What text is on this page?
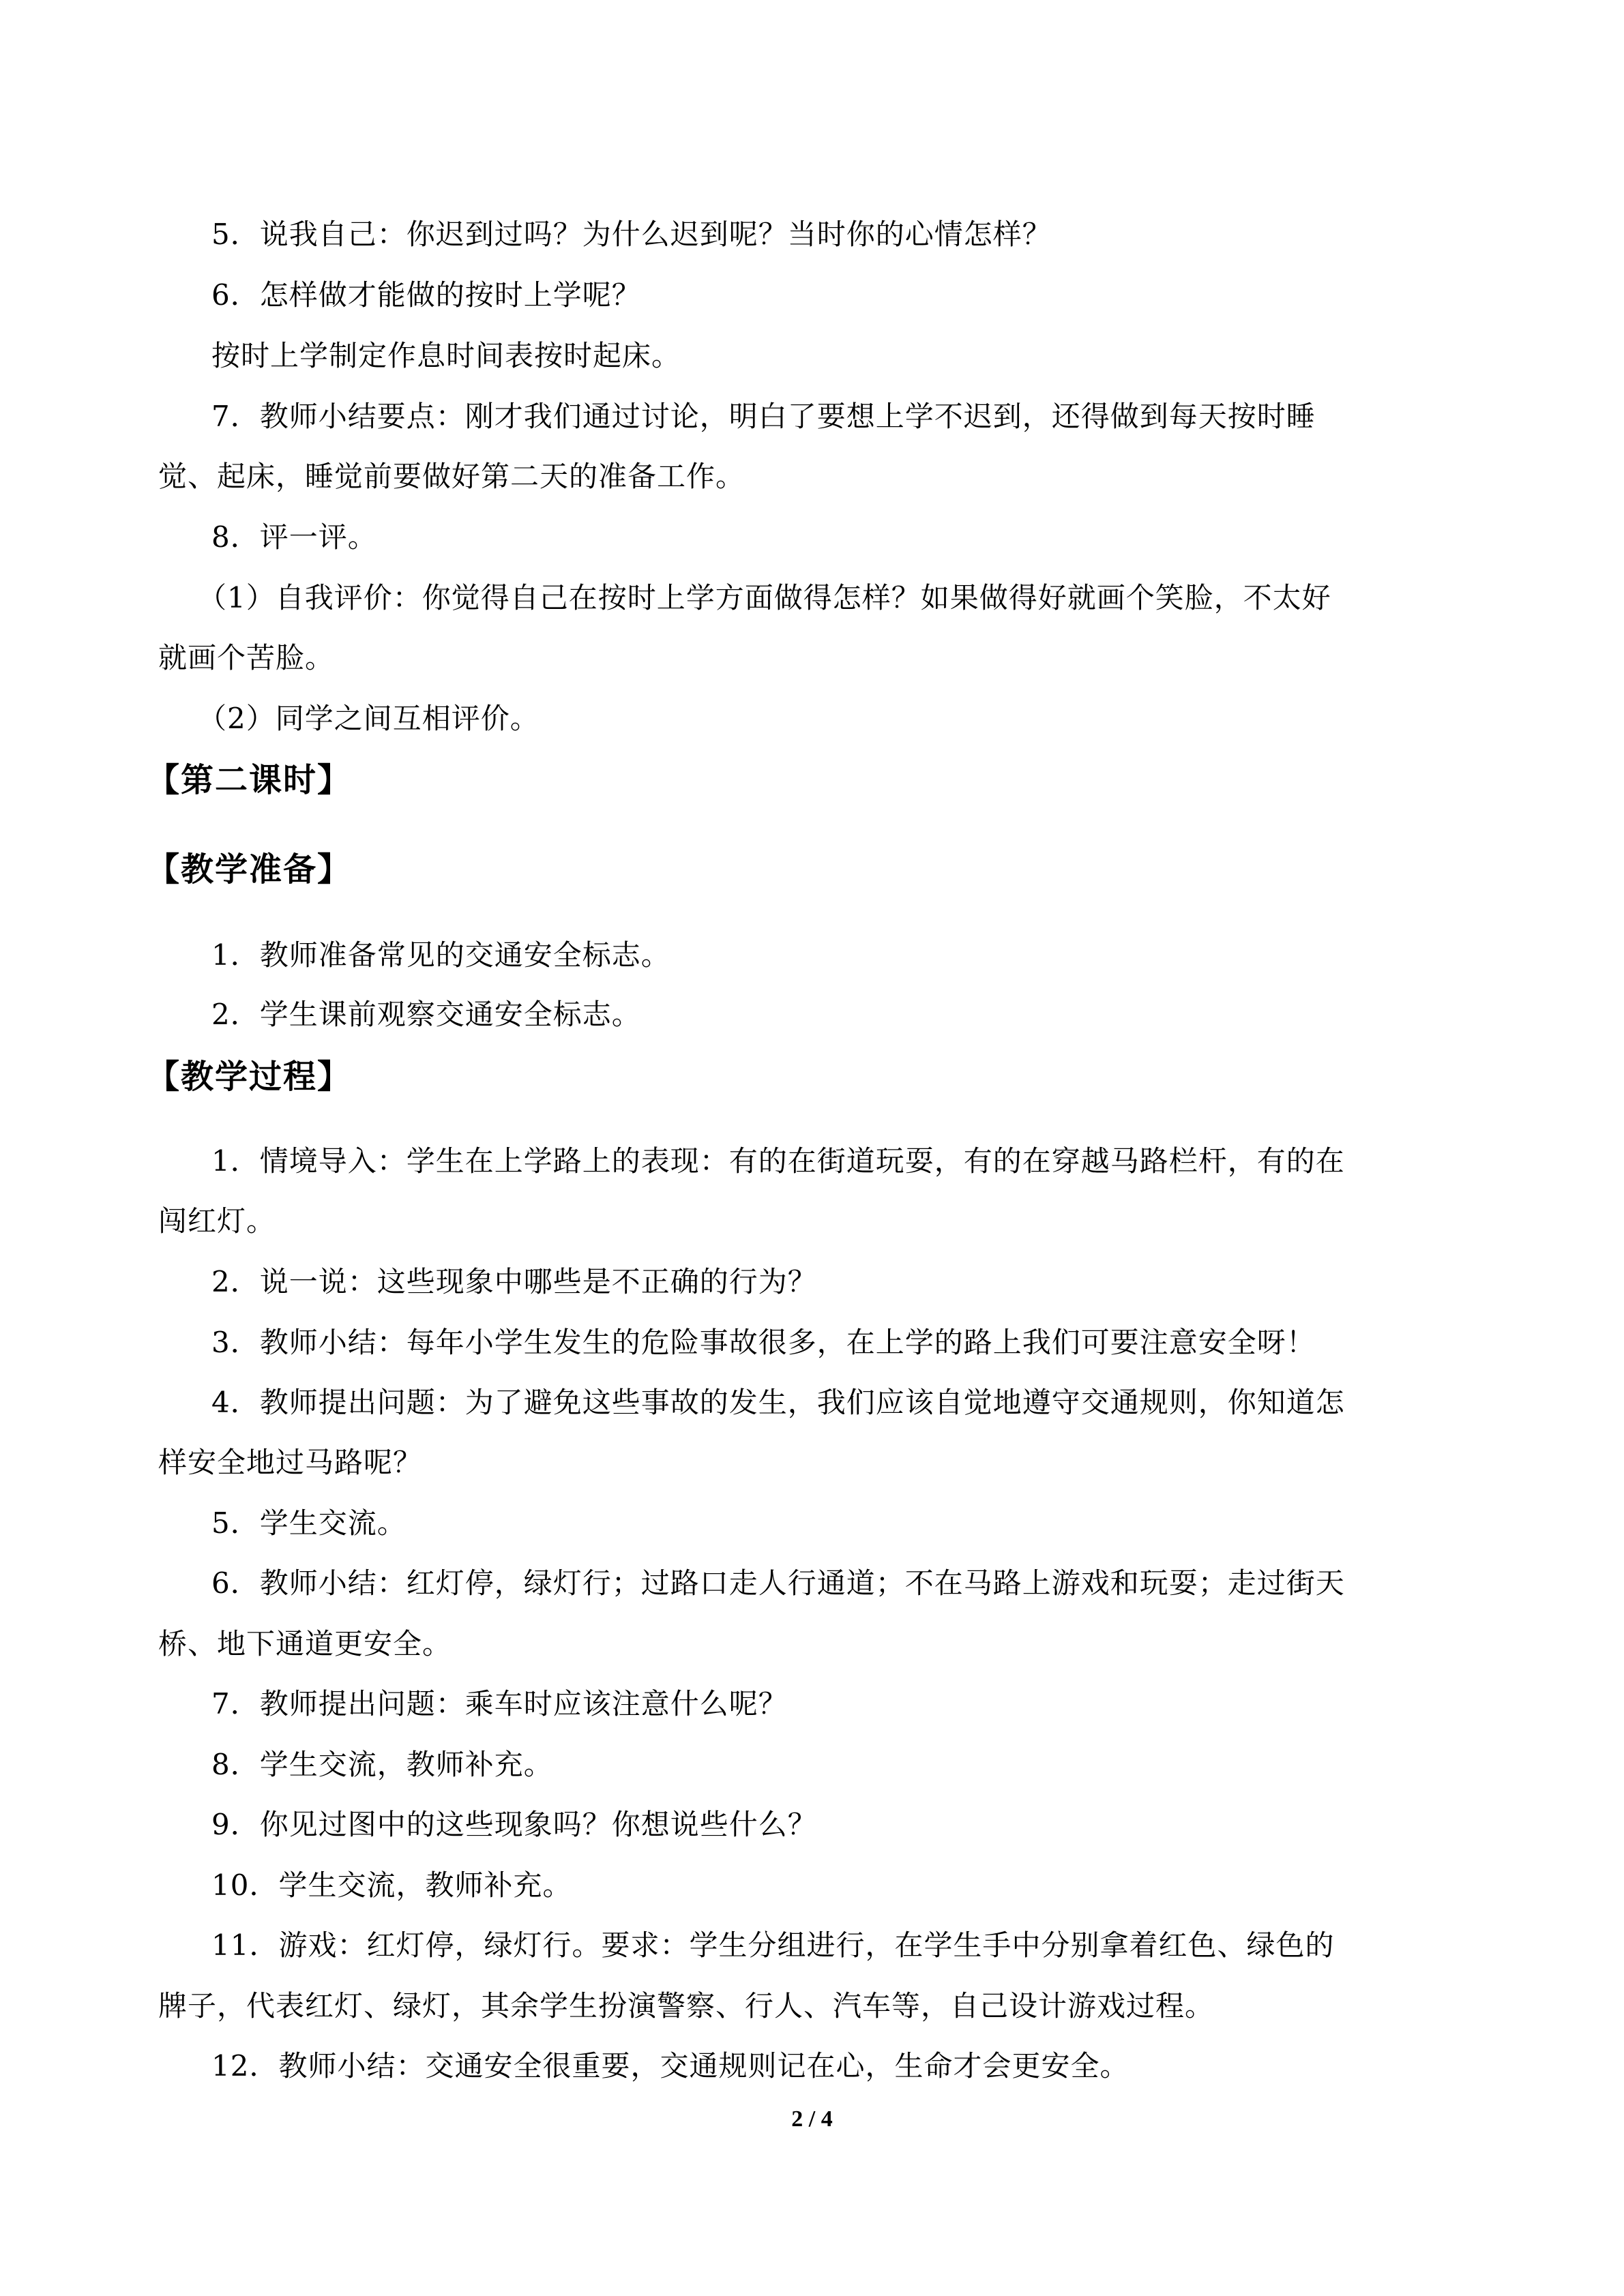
5．说我自己：你迟到过吗？为什么迟到呢？当时你的心情怎样？
6．怎样做才能做的按时上学呢？
按时上学制定作息时间表按时起床。
7．教师小结要点：刚才我们通过讨论，明白了要想上学不迟到，还得做到每天按时睡
觉、起床，睡觉前要做好第二天的准备工作。
8．评一评。
（1）自我评价：你觉得自己在按时上学方面做得怎样？如果做得好就画个笑脸，不太好
就画个苦脸。
（2）同学之间互相评价。
【第二课时】
【教学准备】
1．教师准备常见的交通安全标志。
2．学生课前观察交通安全标志。
【教学过程】
1．情境导入：学生在上学路上的表现：有的在街道玩耍，有的在穿越马路栏杆，有的在
闯红灯。
2．说一说：这些现象中哪些是不正确的行为？
3．教师小结：每年小学生发生的危险事故很多，在上学的路上我们可要注意安全呀！
4．教师提出问题：为了避免这些事故的发生，我们应该自觉地遵守交通规则，你知道怎
样安全地过马路呢？
5．学生交流。
6．教师小结：红灯停，绿灯行；过路口走人行通道；不在马路上游戏和玩耍；走过街天
桥、地下通道更安全。
7．教师提出问题：乘车时应该注意什么呢？
8．学生交流，教师补充。
9．你见过图中的这些现象吗？你想说些什么？
10．学生交流，教师补充。
11．游戏：红灯停，绿灯行。要求：学生分组进行，在学生手中分别拿着红色、绿色的
牌子，代表红灯、绿灯，其余学生扮演警察、行人、汽车等，自己设计游戏过程。
12．教师小结：交通安全很重要，交通规则记在心，生命才会更安全。
2 / 4
